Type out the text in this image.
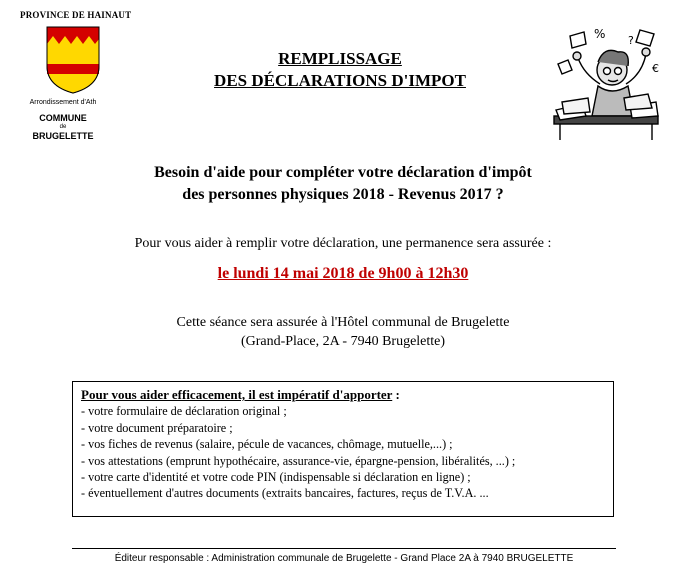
PROVINCE DE HAINAUT
Arrondissement d'Ath
COMMUNE
de
BRUGELETTE
REMPLISSAGE
DES DÉCLARATIONS D'IMPOT
% ?
€
Besoin d'aide pour compléter votre déclaration d'impôt
des personnes physiques 2018 - Revenus 2017 ?
Pour vous aider à remplir votre déclaration, une permanence sera assurée :
le lundi 14 mai 2018 de 9h00 à 12h30
Cette séance sera assurée à l'Hôtel communal de Brugelette
(Grand-Place, 2A - 7940 Brugelette)
Pour vous aider efficacement, il est impératif d'apporter :
- votre formulaire de déclaration original ;
- votre document préparatoire ;
- vos fiches de revenus (salaire, pécule de vacances, chômage, mutuelle,...) ;
- vos attestations (emprunt hypothécaire, assurance-vie, épargne-pension, libéralités, ...) ;
- votre carte d'identité et votre code PIN (indispensable si déclaration en ligne) ;
- éventuellement d'autres documents (extraits bancaires, factures, reçus de T.V.A. ...
Éditeur responsable : Administration communale de Brugelette - Grand Place 2A à 7940 BRUGELETTE
